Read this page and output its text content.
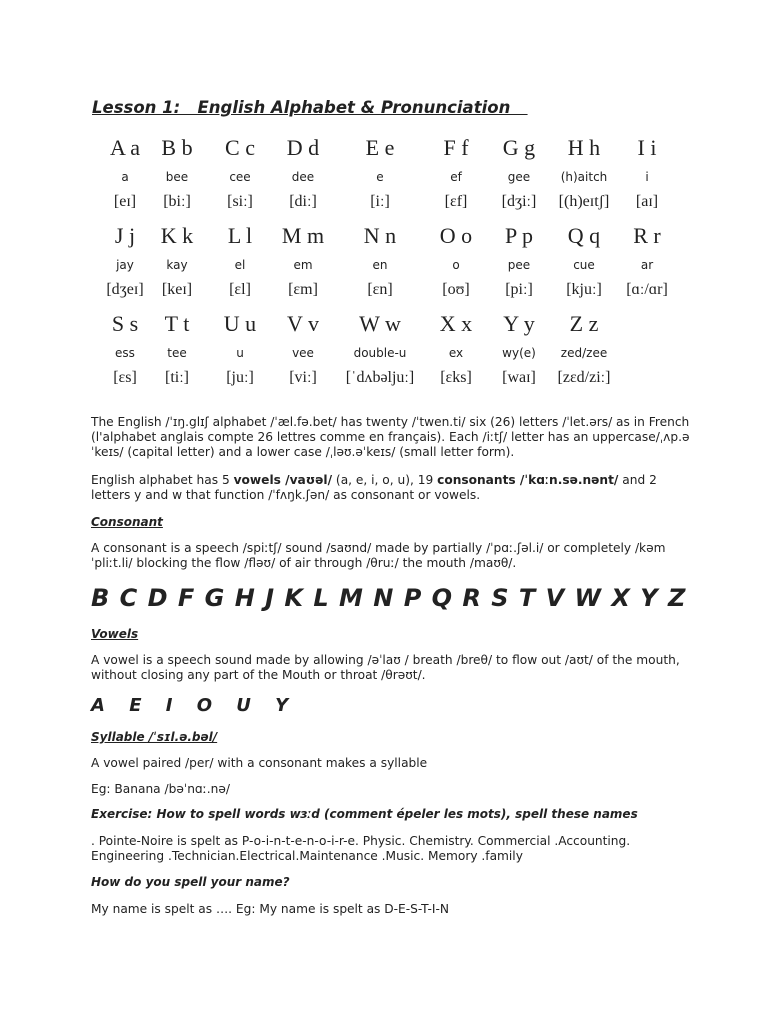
Lesson 1:   English Alphabet & Pronunciation
A a
a
[eɪ]
B b
bee
[biː]
C c
cee
[siː]
D d
dee
[diː]
E e
e
[iː]
F f
ef
[ɛf]
G g
gee
[dʒiː]
H h
(h)aitch
[(h)eɪtʃ]
I i
i
[aɪ]
J j
jay
[dʒeɪ]
K k
kay
[keɪ]
L l
el
[ɛl]
M m
em
[ɛm]
N n
en
[ɛn]
O o
o
[oʊ]
P p
pee
[piː]
Q q
cue
[kjuː]
R r
ar
[ɑː/ɑr]
S s
ess
[ɛs]
T t
tee
[tiː]
U u
u
[juː]
V v
vee
[viː]
W w
double-u
[ˈdʌbəljuː]
X x
ex
[ɛks]
Y y
wy(e)
[waɪ]
Z z
zed/zee
[zɛd/ziː]

The English /ˈɪŋ.glɪʃ alphabet /ˈæl.fə.bet/ has twenty /ˈtwen.ti/ six (26) letters /ˈlet.ərs/ as in French (l'alphabet anglais compte 26 lettres comme en français). Each /iːtʃ/ letter has an uppercase/ˌʌp.əˈkeɪs/ (capital letter) and a lower case /ˌləʊ.əˈkeɪs/ (small letter form).

English alphabet has 5 vowels /vaʊəl/ (a, e, i, o, u), 19 consonants /ˈkɑːn.sə.nənt/ and 2 letters y and w that function /ˈfʌŋk.ʃən/ as consonant or vowels.

Consonant

A consonant is a speech /spiːtʃ/ sound /saʊnd/ made by partially /ˈpɑː.ʃəl.i/ or completely /kəmˈpliːt.li/ blocking the flow /fləʊ/ of air through /θruː/ the mouth /maʊθ/.

B C D F G H J K L M N P Q R S T V W X Y Z
Vowels

A vowel is a speech sound made by allowing /əˈlaʊ / breath /breθ/ to flow out /aʊt/ of the mouth, without closing any part of the Mouth or throat /θrəʊt/.

A E I O U Y
Syllable /ˈsɪl.ə.bəl/

A vowel paired /per/ with a consonant makes a syllable

Eg: Banana /bəˈnɑː.nə/

Exercise: How to spell words wɜːd (comment épeler les mots), spell these names

. Pointe-Noire is spelt as P-o-i-n-t-e-n-o-i-r-e. Physic. Chemistry. Commercial .Accounting. Engineering .Technician.Electrical.Maintenance .Music. Memory .family

How do you spell your name?

My name is spelt as …. Eg: My name is spelt as D-E-S-T-I-N
